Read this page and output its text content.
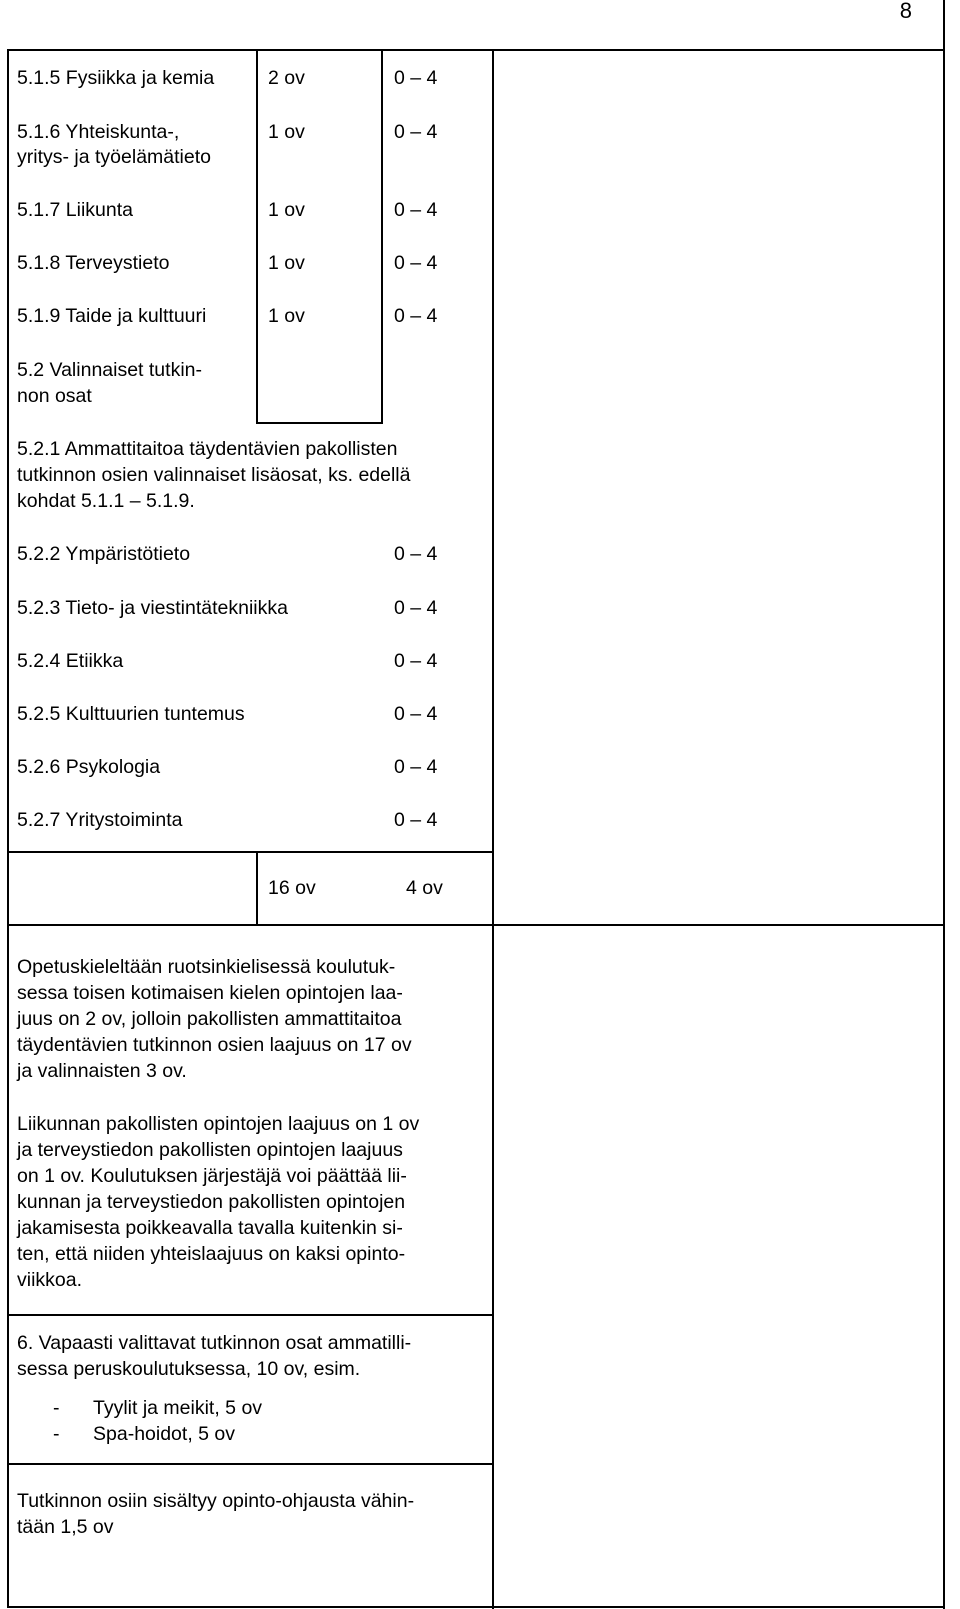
8
5.1.5 Fysiikka ja kemia	2 ov	0 – 4
5.1.6 Yhteiskunta-,
yritys- ja työelämätieto
1 ov	0 – 4
5.1.7 Liikunta	1 ov	0 – 4
5.1.8 Terveystieto	1 ov	0 – 4
5.1.9 Taide ja kulttuuri	1 ov	0 – 4
5.2 Valinnaiset tutkin-
non osat
5.2.1 Ammattitaitoa täydentävien pakollisten
tutkinnon osien valinnaiset lisäosat, ks. edellä
kohdat 5.1.1 – 5.1.9.
5.2.2 Ympäristötieto	0 – 4
5.2.3 Tieto- ja viestintätekniikka	0 – 4
5.2.4 Etiikka	0 – 4
5.2.5 Kulttuurien tuntemus	0 – 4
5.2.6 Psykologia	0 – 4
5.2.7 Yritystoiminta	0 – 4
16 ov	4 ov
Opetuskieleltään ruotsinkielisessä koulutuk-
sessa toisen kotimaisen kielen opintojen laa-
juus on 2 ov, jolloin pakollisten ammattitaitoa
täydentävien tutkinnon osien laajuus on 17 ov
ja valinnaisten 3 ov.
Liikunnan pakollisten opintojen laajuus on 1 ov
ja terveystiedon pakollisten opintojen laajuus
on 1 ov. Koulutuksen järjestäjä voi päättää lii-
kunnan ja terveystiedon pakollisten opintojen
jakamisesta poikkeavalla tavalla kuitenkin si-
ten, että niiden yhteislaajuus on kaksi opinto-
viikkoa.
6. Vapaasti valittavat tutkinnon osat ammatilli-
sessa peruskoulutuksessa, 10 ov, esim.
- Tyylit ja meikit, 5 ov
- Spa-hoidot, 5 ov
Tutkinnon osiin sisältyy opinto-ohjausta vähin-
tään 1,5 ov
